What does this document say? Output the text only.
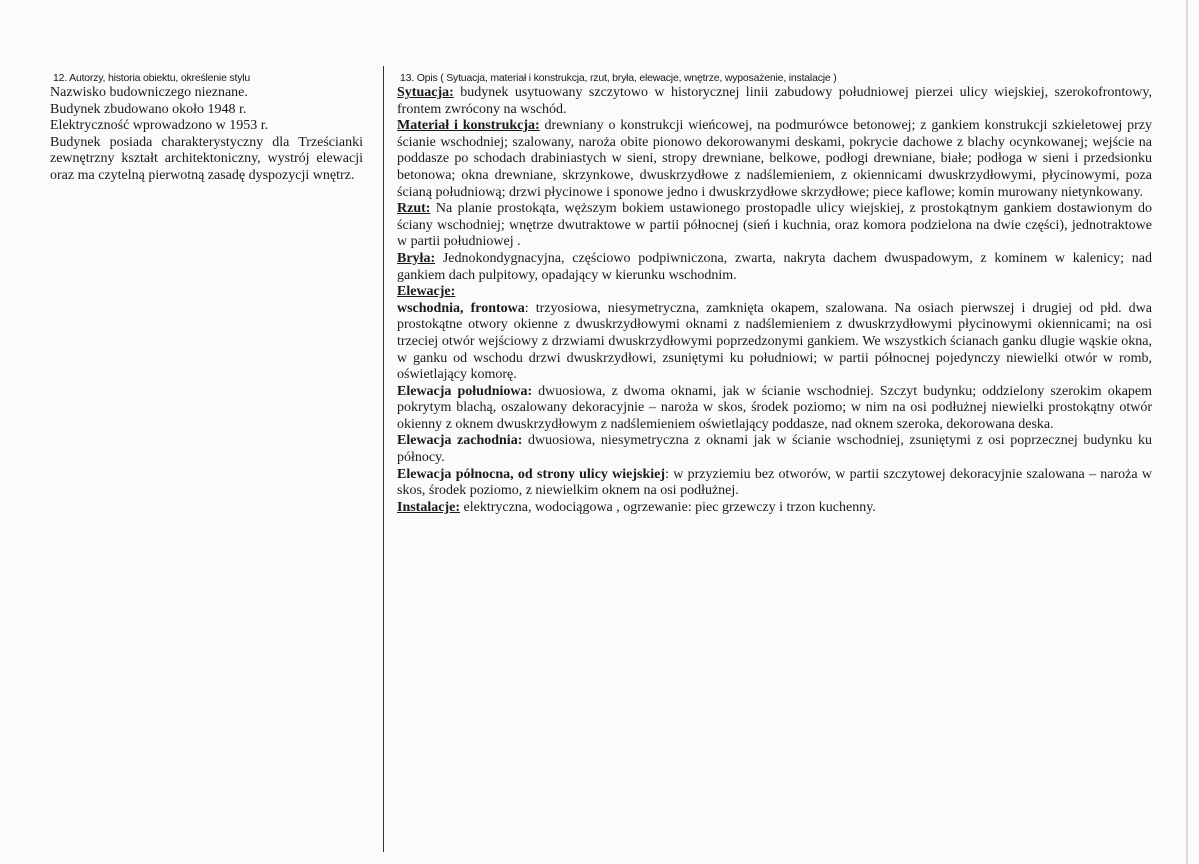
12. Autorzy, historia obiektu, określenie stylu

Nazwisko budowniczego nieznane.

Budynek zbudowano około 1948 r.

Elektryczność wprowadzono w 1953 r.

Budynek posiada charakterystyczny dla Trześcianki zewnętrzny kształt architektoniczny, wystrój elewacji oraz ma czytelną pierwotną zasadę dyspozycji wnętrz.

13. Opis ( Sytuacja, materiał i konstrukcja, rzut, bryła, elewacje, wnętrze, wyposażenie, instalacje )

Sytuacja: budynek usytuowany szczytowo w historycznej linii zabudowy południowej pierzei ulicy wiejskiej, szerokofrontowy, frontem zwrócony na wschód.

Materiał i konstrukcja: drewniany o konstrukcji wieńcowej, na podmurówce betonowej; z gankiem konstrukcji szkieletowej przy ścianie wschodniej; szalowany, naroża obite pionowo dekorowanymi deskami, pokrycie dachowe z blachy ocynkowanej; wejście na poddasze po schodach drabiniastych w sieni, stropy drewniane, belkowe, podłogi drewniane, białe; podłoga w sieni i przedsionku betonowa; okna drewniane, skrzynkowe, dwuskrzydłowe z nadślemieniem, z okiennicami dwuskrzydłowymi, płycinowymi, poza ścianą południową; drzwi płycinowe i sponowe jedno i dwuskrzydłowe skrzydłowe; piece kaflowe; komin murowany nietynkowany.

Rzut: Na planie prostokąta, węższym bokiem ustawionego prostopadle ulicy wiejskiej, z prostokątnym gankiem dostawionym do ściany wschodniej; wnętrze dwutraktowe w partii północnej (sień i kuchnia, oraz komora podzielona na dwie części), jednotraktowe w partii południowej .

Bryła: Jednokondygnacyjna, częściowo podpiwniczona, zwarta, nakryta dachem dwuspadowym, z kominem w kalenicy; nad gankiem dach pulpitowy, opadający w kierunku wschodnim.

Elewacje:

wschodnia, frontowa: trzyosiowa, niesymetryczna, zamknięta okapem, szalowana. Na osiach pierwszej i drugiej od płd. dwa prostokątne otwory okienne z dwuskrzydłowymi oknami z nadślemieniem z dwuskrzydłowymi płycinowymi okiennicami; na osi trzeciej otwór wejściowy z drzwiami dwuskrzydłowymi poprzedzonymi gankiem. We wszystkich ścianach ganku dlugie wąskie okna, w ganku od wschodu drzwi dwuskrzydłowi, zsuniętymi ku południowi; w partii północnej pojedynczy niewielki otwór w romb, oświetlający komorę.

Elewacja południowa: dwuosiowa, z dwoma oknami, jak w ścianie wschodniej. Szczyt budynku; oddzielony szerokim okapem pokrytym blachą, oszalowany dekoracyjnie – naroża w skos, środek poziomo; w nim na osi podłużnej niewielki prostokątny otwór okienny z oknem dwuskrzydłowym z nadślemieniem oświetlający poddasze, nad oknem szeroka, dekorowana deska.

Elewacja zachodnia: dwuosiowa, niesymetryczna z oknami jak w ścianie wschodniej, zsuniętymi z osi poprzecznej budynku ku północy.

Elewacja północna, od strony ulicy wiejskiej: w przyziemiu bez otworów, w partii szczytowej dekoracyjnie szalowana – naroża w skos, środek poziomo, z niewielkim oknem na osi podłużnej.

Instalacje: elektryczna, wodociągowa , ogrzewanie: piec grzewczy i trzon kuchenny.
